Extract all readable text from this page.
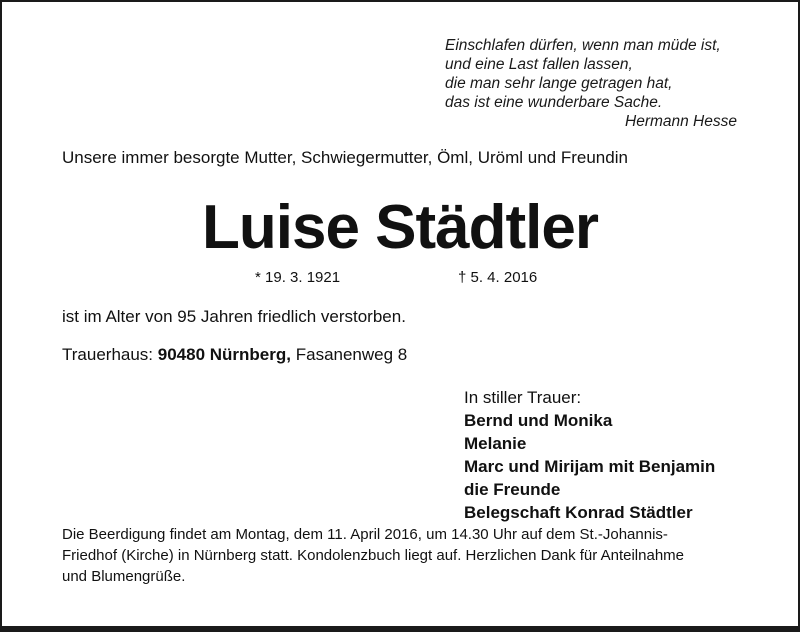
Einschlafen dürfen, wenn man müde ist,
und eine Last fallen lassen,
die man sehr lange getragen hat,
das ist eine wunderbare Sache.
Hermann Hesse
Unsere immer besorgte Mutter, Schwiegermutter, Öml, Uröml und Freundin
Luise Städtler
* 19. 3. 1921	† 5. 4. 2016
ist im Alter von 95 Jahren friedlich verstorben.
Trauerhaus: 90480 Nürnberg, Fasanenweg 8
In stiller Trauer:
Bernd und Monika
Melanie
Marc und Mirijam mit Benjamin
die Freunde
Belegschaft Konrad Städtler
Die Beerdigung findet am Montag, dem 11. April 2016, um 14.30 Uhr auf dem St.-Johannis-
Friedhof (Kirche) in Nürnberg statt. Kondolenzbuch liegt auf. Herzlichen Dank für Anteilnahme
und Blumengrüße.
